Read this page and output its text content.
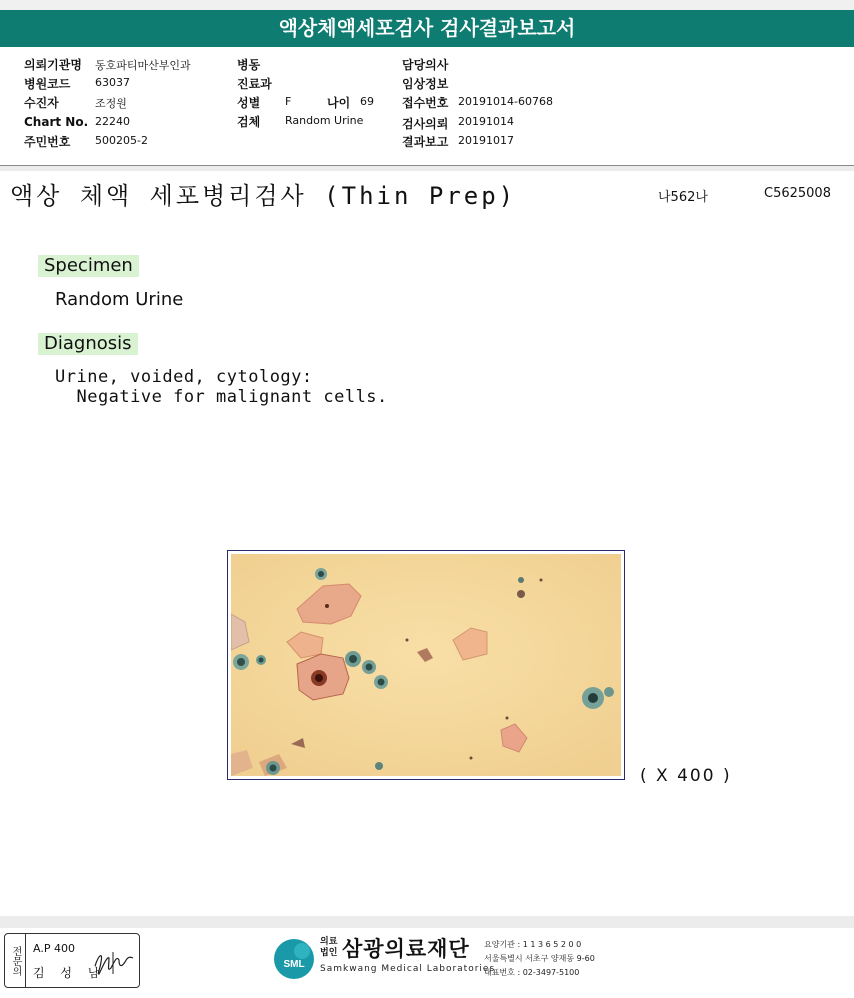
액상체액세포검사 검사결과보고서
의뢰기관명 동호파티마산부인과
병원코드 63037
수진자	조정원
Chart No. 22240
주민번호 500205-2
병동
진료과
성별 F	나이 69
검체 Random Urine
담당의사
임상정보
접수번호 20191014-60768
검사의뢰 20191014
결과보고 20191017
액상 체액 세포병리검사 (Thin Prep)	나562나	C5625008
Specimen
Random Urine
Diagnosis
Urine, voided, cytology:
Negative for malignant cells.
( X 400 )
전문의	A.P 400
김 성 남
SML
의료
법인 삼광의료재단
Samkwang Medical Laboratories
요양기관 : 1 1 3 6 5 2 0 0
서울특별시 서초구 양재동 9-60
대표번호 : 02-3497-5100
